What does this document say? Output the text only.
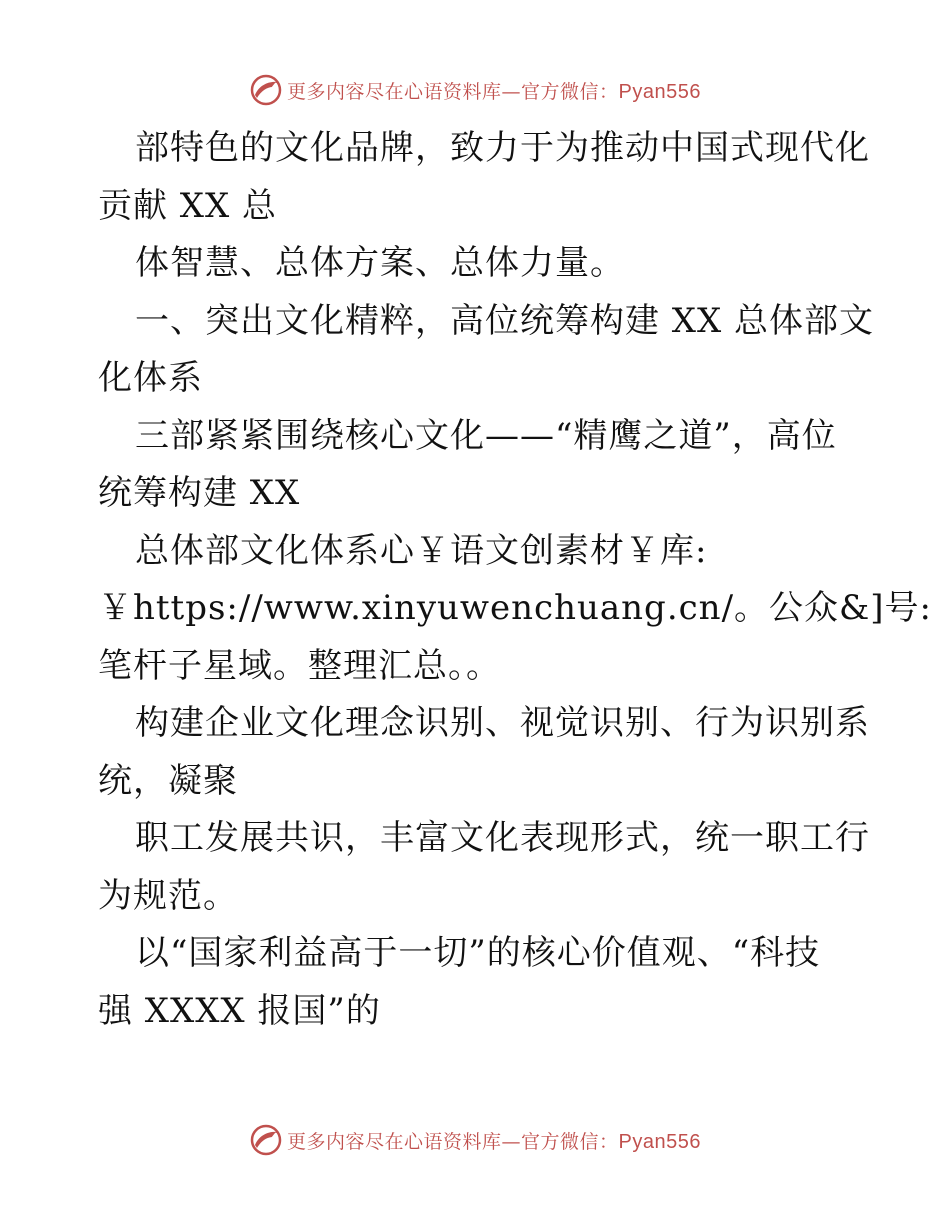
更多内容尽在心语资料库—官方微信：Pyan556
部特色的文化品牌，致力于为推动中国式现代化
贡献 XX 总
体智慧、总体方案、总体力量。
一、突出文化精粹，高位统筹构建 XX 总体部文
化体系
三部紧紧围绕核心文化——“精鹰之道”，高位
统筹构建 XX
总体部文化体系心￥语文创素材￥库:
￥https://www.xinyuwenchuang.cn/。公众&]号:
笔杆子星域。整理汇总。。
构建企业文化理念识别、视觉识别、行为识别系
统，凝聚
职工发展共识，丰富文化表现形式，统一职工行
为规范。
以“国家利益高于一切”的核心价值观、“科技
强 XXXX 报国”的
更多内容尽在心语资料库—官方微信：Pyan556
